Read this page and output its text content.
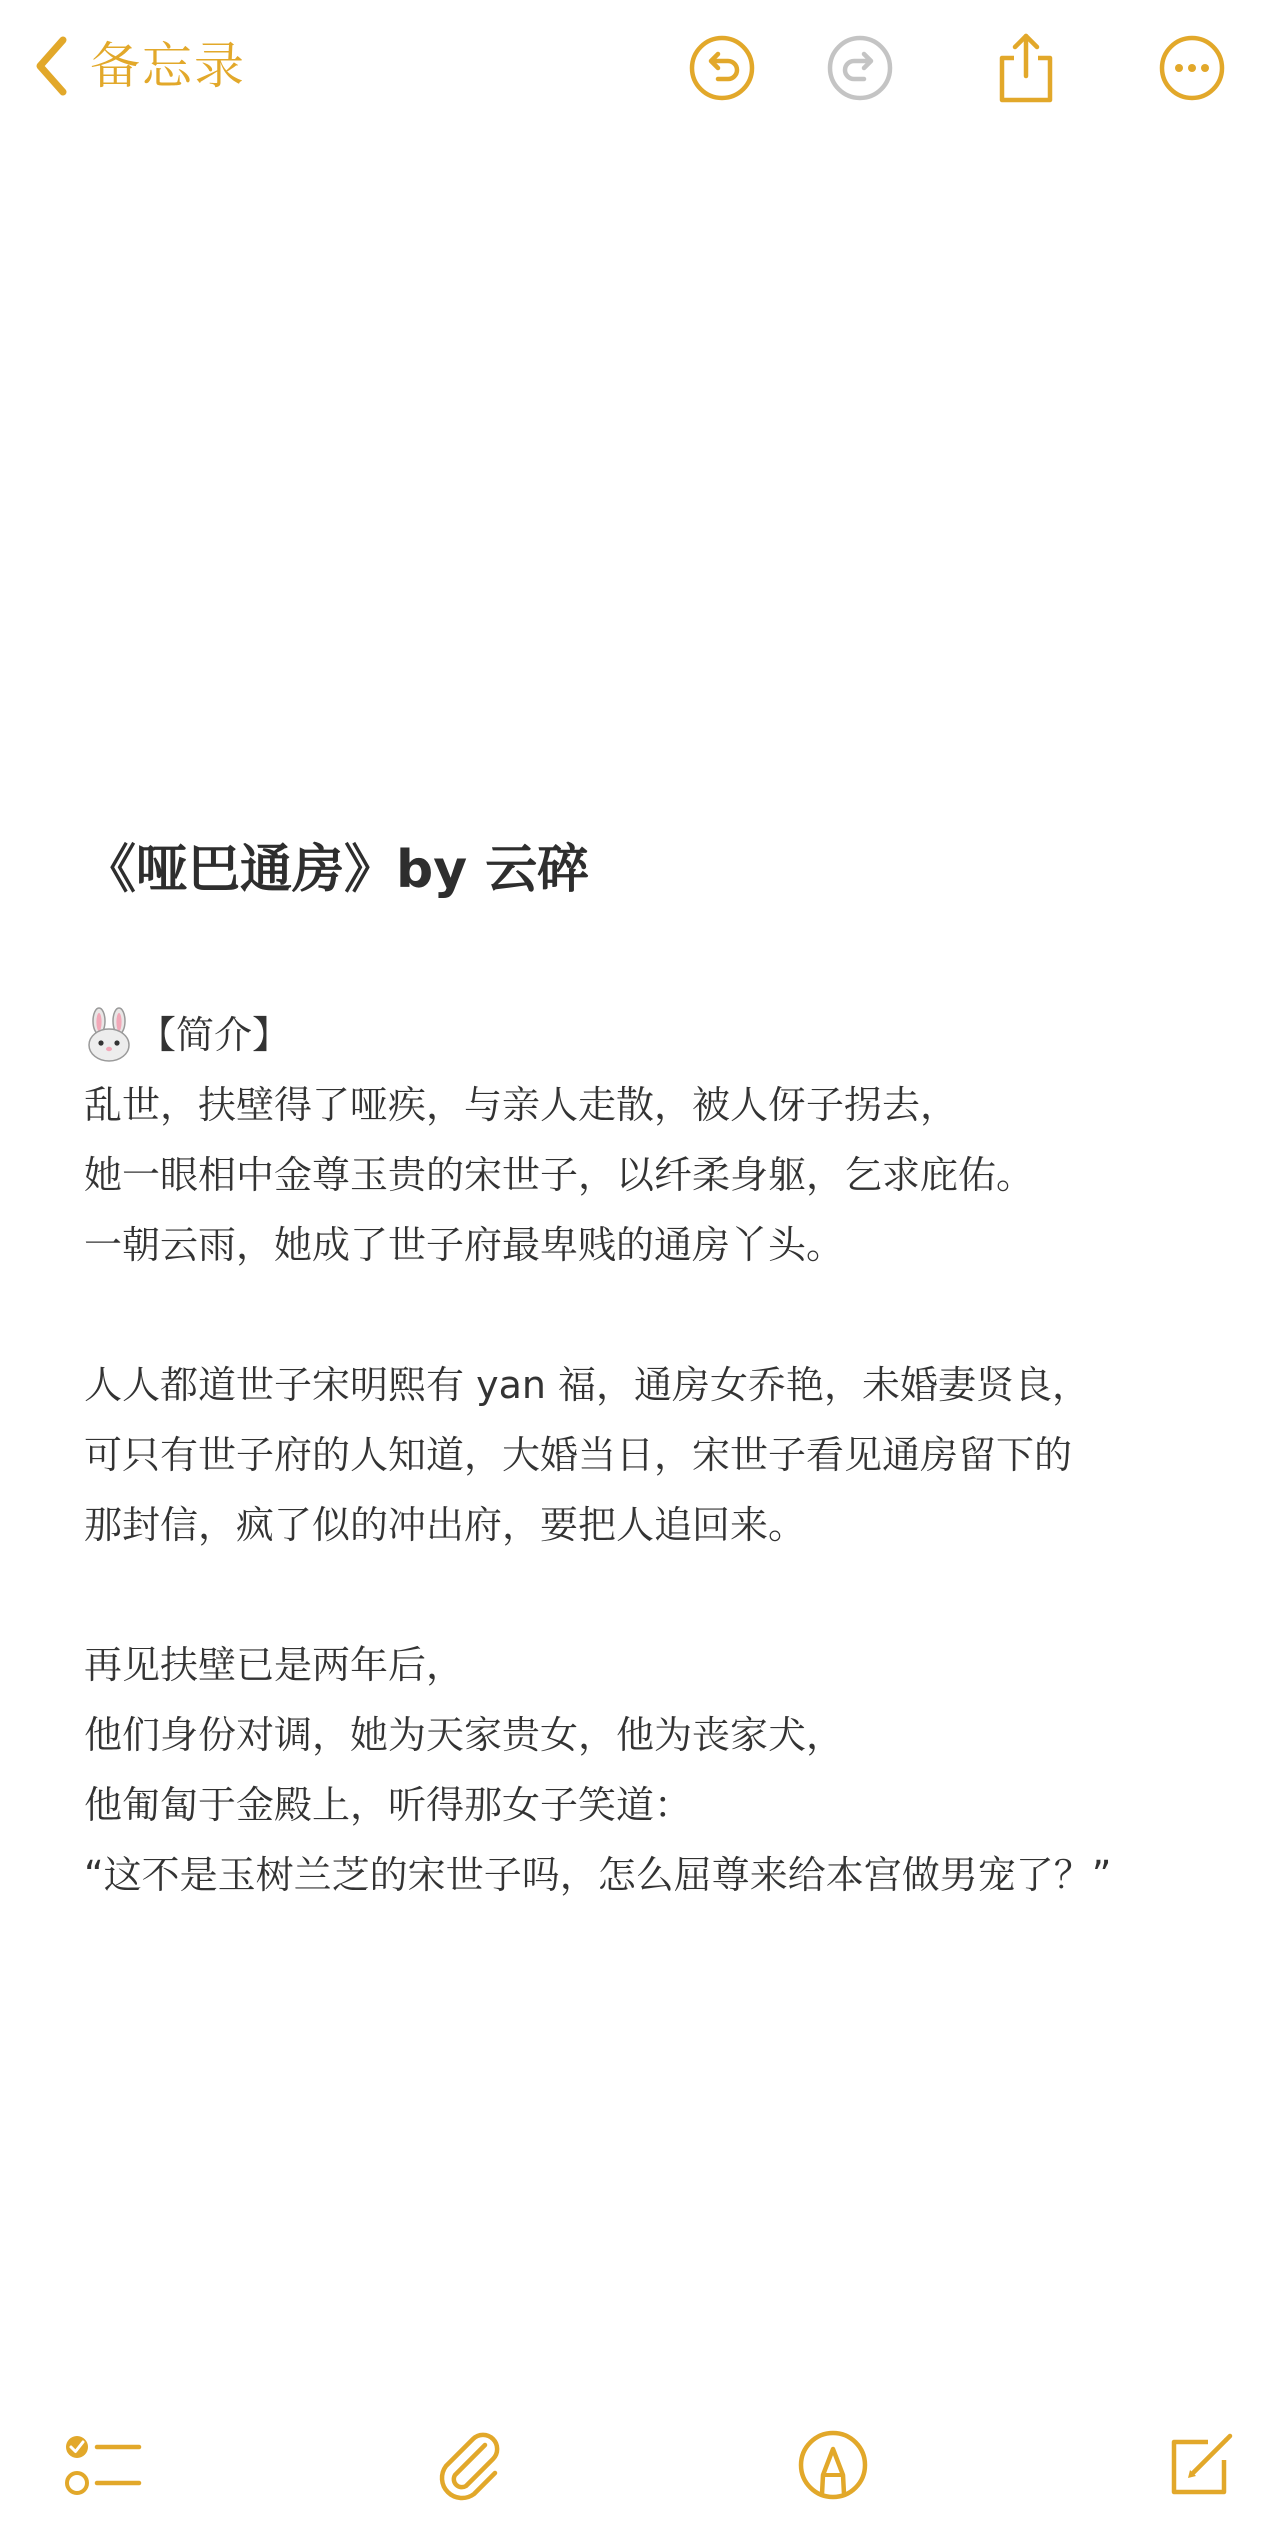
备忘录
《哑巴通房》by 云碎
【简介】
乱世，扶壁得了哑疾，与亲人走散，被人伢子拐去，
她一眼相中金尊玉贵的宋世子，以纤柔身躯，乞求庇佑。
一朝云雨，她成了世子府最卑贱的通房丫头。
人人都道世子宋明熙有 yan 福，通房女乔艳，未婚妻贤良，
可只有世子府的人知道，大婚当日，宋世子看见通房留下的
那封信，疯了似的冲出府，要把人追回来。
再见扶壁已是两年后，
他们身份对调，她为天家贵女，他为丧家犬，
他匍匐于金殿上，听得那女子笑道：
“这不是玉树兰芝的宋世子吗，怎么屈尊来给本宫做男宠了？”
